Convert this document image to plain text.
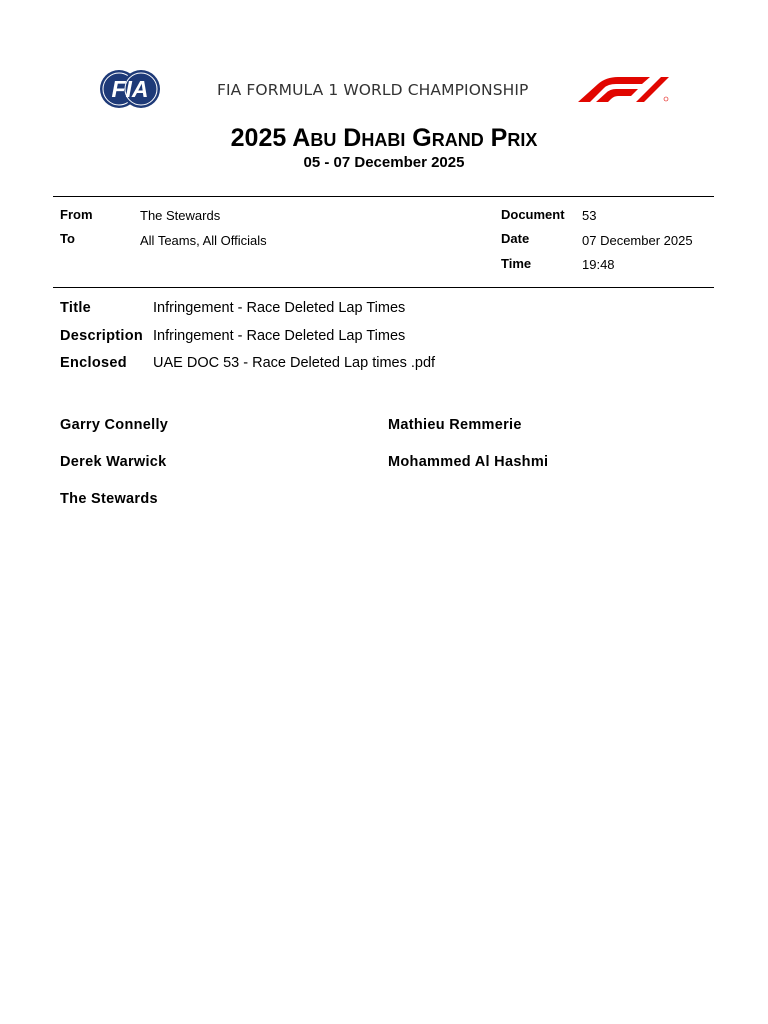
FIA	FIA FORMULA 1 WORLD CHAMPIONSHIP
2025 Abu Dhabi Grand Prix
05 - 07 December 2025
From	The Stewards
To	All Teams, All Officials
Document 53
Date	07 December 2025
Time	19:48
Title	Infringement - Race Deleted Lap Times
Description Infringement - Race Deleted Lap Times
Enclosed UAE DOC 53 - Race Deleted Lap times .pdf
Garry Connelly
Derek Warwick
The Stewards
Mathieu Remmerie
Mohammed Al Hashmi
